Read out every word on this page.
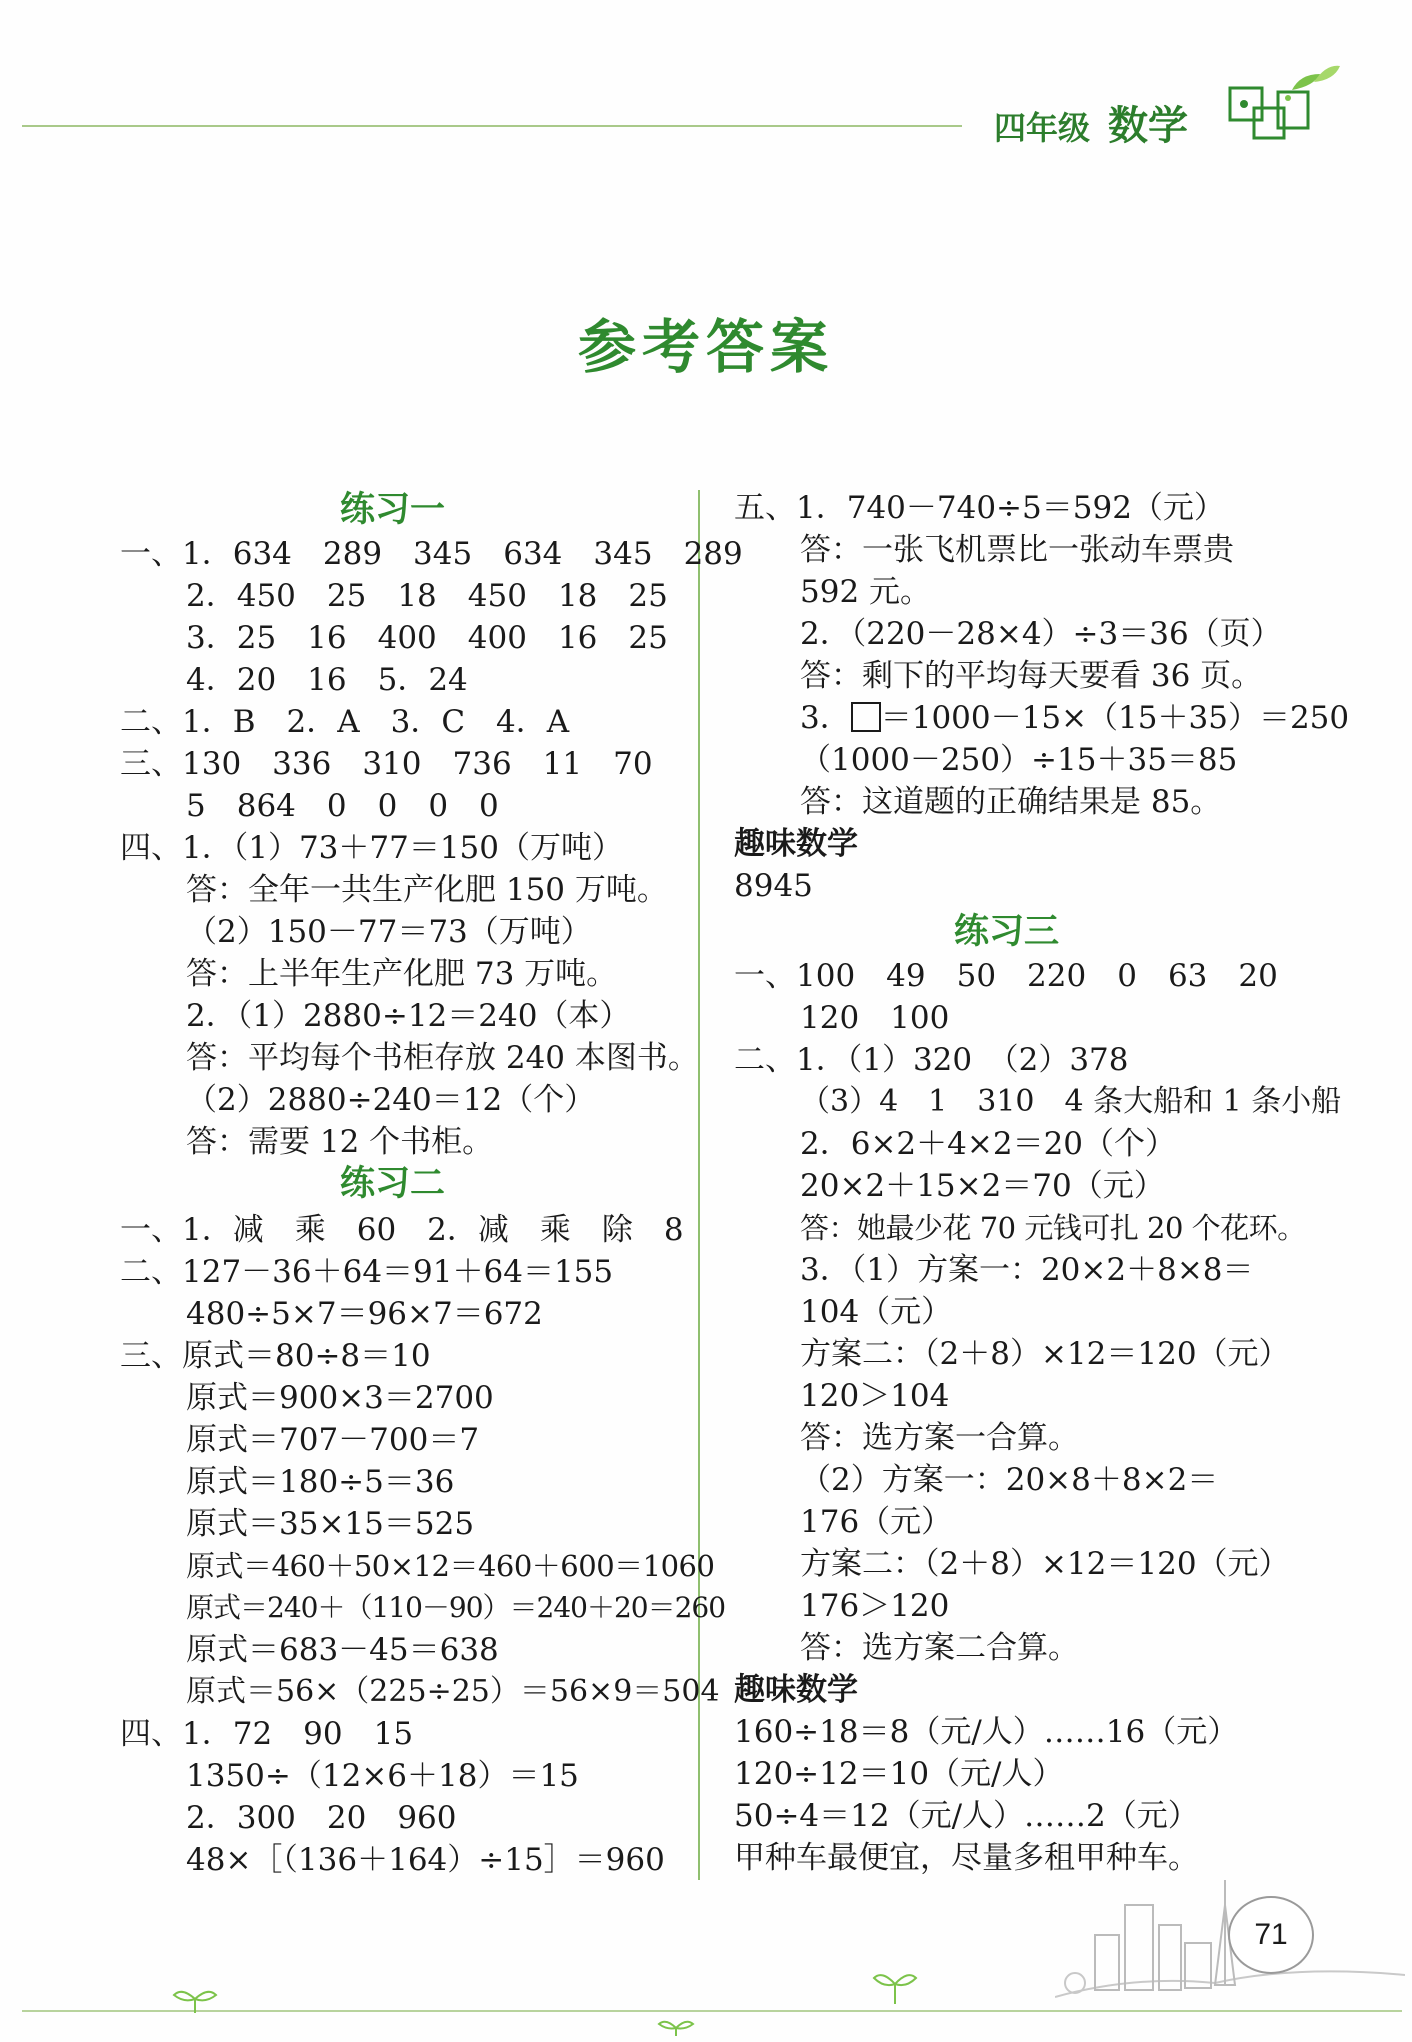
四年级 数学
参考答案
练习一
一、1．634　289　345　634　345　289
2．450　25　18　450　18　25
3．25　16　400　400　16　25
4．20　16　5．24
二、1．B　2．A　3．C　4．A
三、130　336　310　736　11　70
5　864　0　0　0　0
四、1．（1）73＋77＝150（万吨）
答：全年一共生产化肥 150 万吨。
（2）150－77＝73（万吨）
答：上半年生产化肥 73 万吨。
2．（1）2880÷12＝240（本）
答：平均每个书柜存放 240 本图书。
（2）2880÷240＝12（个）
答：需要 12 个书柜。
练习二
一、1．减　乘　60　2．减　乘　除　8
二、127－36＋64＝91＋64＝155
480÷5×7＝96×7＝672
三、原式＝80÷8＝10
原式＝900×3＝2700
原式＝707－700＝7
原式＝180÷5＝36
原式＝35×15＝525
原式＝460＋50×12＝460＋600＝1060
原式＝240＋（110－90）＝240＋20＝260
原式＝683－45＝638
原式＝56×（225÷25）＝56×9＝504
四、1．72　90　15
1350÷（12×6＋18）＝15
2．300　20　960
48×［（136＋164）÷15］＝960
五、1．740－740÷5＝592（元）
答：一张飞机票比一张动车票贵
592 元。
2．（220－28×4）÷3＝36（页）
答：剩下的平均每天要看 36 页。
3． ＝1000－15×（15＋35）＝250
（1000－250）÷15＋35＝85
答：这道题的正确结果是 85。
趣味数学
8945
练习三
一、100　49　50　220　0　63　20
120　100
二、1．（1）320　（2）378
（3）4　1　310　4 条大船和 1 条小船
2．6×2＋4×2＝20（个）
20×2＋15×2＝70（元）
答：她最少花 70 元钱可扎 20 个花环。
3．（1）方案一：20×2＋8×8＝
104（元）
方案二：（2＋8）×12＝120（元）
120＞104
答：选方案一合算。
（2）方案一：20×8＋8×2＝
176（元）
方案二：（2＋8）×12＝120（元）
176＞120
答：选方案二合算。
趣味数学
160÷18＝8（元/人）……16（元）
120÷12＝10（元/人）
50÷4＝12（元/人）……2（元）
甲种车最便宜，尽量多租甲种车。
71
